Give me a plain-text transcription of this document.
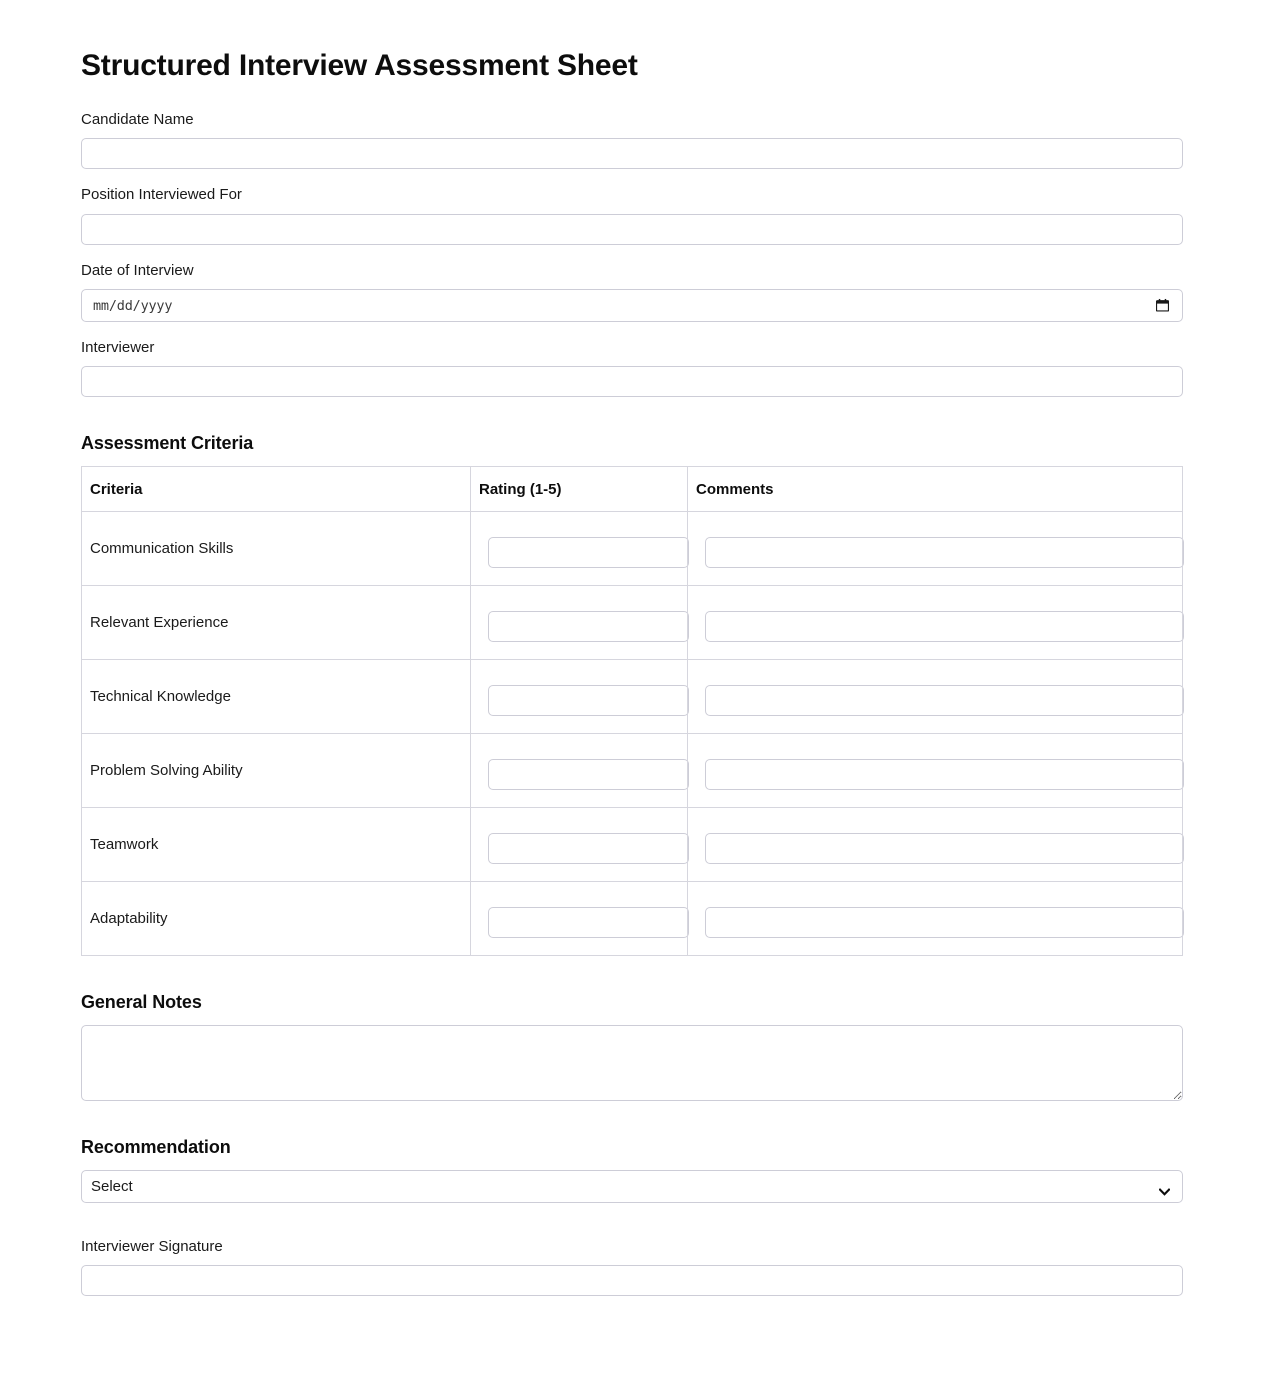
Structured Interview Assessment Sheet
Candidate Name
Position Interviewed For
Date of Interview
mm/dd/yyyy
Interviewer
Assessment Criteria
Criteria	Rating (1-5)	Comments
Communication Skills	

Relevant Experience	

Technical Knowledge	

Problem Solving Ability	

Teamwork	

Adaptability	

General Notes
Recommendation
Select
Interviewer Signature
